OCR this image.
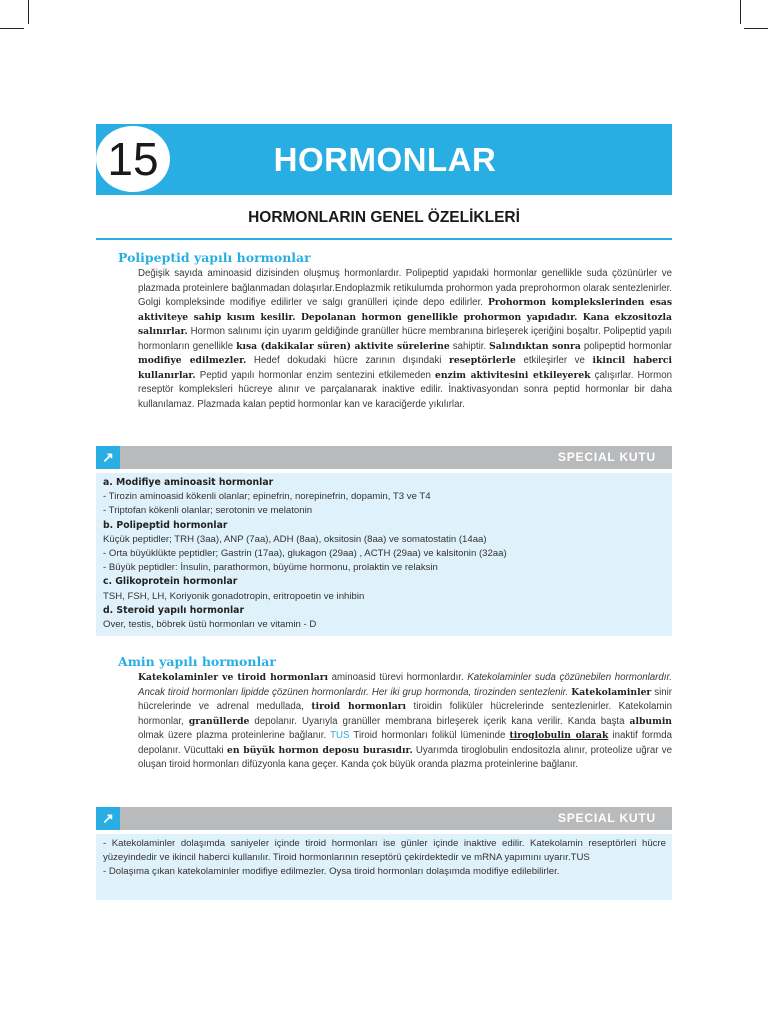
15	HORMONLAR
HORMONLARIN GENEL ÖZELİKLERİ
Polipeptid yapılı hormonlar
Değişik sayıda aminoasid dizisinden oluşmuş hormonlardır. Polipeptid yapıdaki hormonlar genellikle suda çözünürler ve plazmada proteinlere bağlanmadan dolaşırlar.Endoplazmik retikulumda prohormon yada preprohormon olarak sentezlenirler. Golgi kompleksinde modifiye edilirler ve salgı granülleri içinde depo edilirler. Prohormon komplekslerinden esas aktiviteye sahip kısım kesilir. Depolanan hormon genellikle prohormon yapıdadır. Kana ekzositozla salınırlar. Hormon salınımı için uyarım geldiğinde granüller hücre membranına birleşerek içeriğini boşaltır. Polipeptid yapılı hormonların genellikle kısa (dakikalar süren) aktivite sürelerine sahiptir. Salındıktan sonra polipeptid hormonlar modifiye edilmezler. Hedef dokudaki hücre zarının dışındaki reseptörlerle etkileşirler ve ikincil haberci kullanırlar. Peptid yapılı hormonlar enzim sentezini etkilemeden enzim aktivitesini etkileyerek çalışırlar. Hormon reseptör kompleksleri hücreye alınır ve parçalanarak inaktive edilir. İnaktivasyondan sonra peptid hormonlar bir daha kullanılamaz. Plazmada kalan peptid hormonlar kan ve karaciğerde yıkılırlar.
↗	SPECIAL KUTU
a. Modifiye aminoasit hormonlar
- Tirozin aminoasid kökenli olanlar; epinefrin, norepinefrin, dopamin, T3 ve T4
- Triptofan kökenli olanlar; serotonin ve melatonin
b. Polipeptid hormonlar
Küçük peptidler; TRH (3aa), ANP (7aa), ADH (8aa), oksitosin (8aa) ve somatostatin (14aa)
- Orta büyüklükte peptidler; Gastrin (17aa), glukagon (29aa) , ACTH (29aa) ve kalsitonin (32aa)
- Büyük peptidler: İnsulin, parathormon, büyüme hormonu, prolaktin ve relaksin
c. Glikoprotein hormonlar
TSH, FSH, LH, Koriyonik gonadotropin, eritropoetin ve inhibin
d. Steroid yapılı hormonlar
Over, testis, böbrek üstü hormonları ve vitamin - D
Amin yapılı hormonlar
Katekolaminler ve tiroid hormonları aminoasid türevi hormonlardır. Katekolaminler suda çözünebilen hormonlardır. Ancak tiroid hormonları lipidde çözünen hormonlardır. Her iki grup hormonda, tirozinden sentezlenir. Katekolaminler sinir hücrelerinde ve adrenal medullada, tiroid hormonları tiroidin foliküler hücrelerinde sentezlenirler. Katekolamin hormonlar, granüllerde depolanır. Uyarıyla granüller membrana birleşerek içerik kana verilir. Kanda başta albumin olmak üzere plazma proteinlerine bağlanır. TUS Tiroid hormonları folikül lümeninde tiroglobulin olarak inaktif formda depolanır. Vücuttaki en büyük hormon deposu burasıdır. Uyarımda tiroglobulin endositozla alınır, proteolize uğrar ve oluşan tiroid hormonları difüzyonla kana geçer. Kanda çok büyük oranda plazma proteinlerine bağlanır.
↗	SPECIAL KUTU
- Katekolaminler dolaşımda saniyeler içinde tiroid hormonları ise günler içinde inaktive edilir. Katekolamin reseptörleri hücre yüzeyindedir ve ikincil haberci kullanılır. Tiroid hormonlarının reseptörü çekirdektedir ve mRNA yapımını uyarır.TUS
- Dolaşıma çıkan katekolaminler modifiye edilmezler. Oysa tiroid hormonları dolaşımda modifiye edilebilirler.
